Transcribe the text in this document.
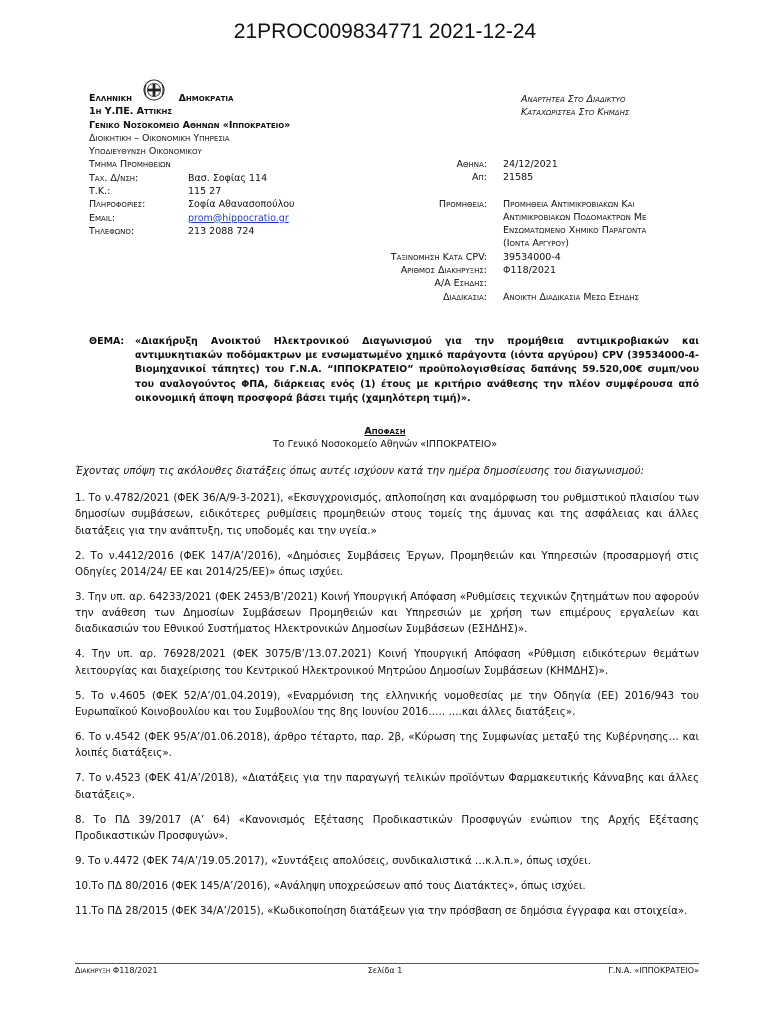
21PROC009834771 2021-12-24
Ελληνικη	Δημοκρατια
1η Υ.ΠΕ. Αττικης
Γενικο Νοσοκομειο Αθηνων «Ιπποκρατειο»
Διοικητικη – Οικονομικη Υπηρεσια
Υποδιευθυνση Οικονομικου
Τμημα Προμηθειων
Ταχ. Δ/νση:	Βασ. Σοφίας 114
Τ.Κ.:	115 27
Πληροφοριες:	Σοφία Αθανασοπούλου
Email:	prom@hippocratio.gr
Τηλεφωνο:	213 2088 724
Αναρτητεα Στο Διαδικτυο
Καταχωριστεα Στο Κημδης
Αθηνα:	24/12/2021
Απ:	21585
Προμηθεια:	Προμηθεια Αντιμικροβιακων Και
Αντιμικροβιακων Ποδομακτρων Με
Ενσωματωμενο Χημικο Παραγοντα
(Ιοντα Αργυρου)
Ταξινομηση Κατα CPV:	39534000-4
Αριθμος Διακηρυξης:	Φ118/2021
Α/Α Εσηδης:
Διαδικασια:	Ανοικτη Διαδικασια Μεσω Εσηδης
ΘΕΜΑ:	«Διακήρυξη Ανοικτού Ηλεκτρονικού Διαγωνισμού για την προμήθεια αντιμικροβιακών και αντιμυκητιακών ποδόμακτρων με ενσωματωμένο χημικό παράγοντα (ιόντα αργύρου) CPV (39534000-4- Βιομηχανικοί τάπητες) του Γ.Ν.Α. “ΙΠΠΟΚΡΑΤΕΙΟ” προϋπολογισθείσας δαπάνης 59.520,00€ συμπ/νου του αναλογούντος ΦΠΑ, διάρκειας ενός (1) έτους με κριτήριο ανάθεσης την πλέον συμφέρουσα από οικονομική άποψη προσφορά βάσει τιμής (χαμηλότερη τιμή)».
Αποφαση
Το Γενικό Νοσοκομείο Αθηνών «ΙΠΠΟΚΡΑΤΕΙΟ»
Έχοντας υπόψη τις ακόλουθες διατάξεις όπως αυτές ισχύουν κατά την ημέρα δημοσίευσης του διαγωνισμού:

1. Το ν.4782/2021 (ΦΕΚ 36/Α/9-3-2021), «Εκσυγχρονισμός, απλοποίηση και αναμόρφωση του ρυθμιστικού πλαισίου των δημοσίων συμβάσεων, ειδικότερες ρυθμίσεις προμηθειών στους τομείς της άμυνας και της ασφάλειας και άλλες διατάξεις για την ανάπτυξη, τις υποδομές και την υγεία.»

2. Το ν.4412/2016 (ΦΕΚ 147/Α’/2016), «Δημόσιες Συμβάσεις Έργων, Προμηθειών και Υπηρεσιών (προσαρμογή στις Οδηγίες 2014/24/ ΕΕ και 2014/25/ΕΕ)» όπως ισχύει.

3. Την υπ. αρ. 64233/2021 (ΦΕΚ 2453/Β’/2021) Κοινή Υπουργική Απόφαση «Ρυθμίσεις τεχνικών ζητημάτων που αφορούν την ανάθεση των Δημοσίων Συμβάσεων Προμηθειών και Υπηρεσιών με χρήση των επιμέρους εργαλείων και διαδικασιών του Εθνικού Συστήματος Ηλεκτρονικών Δημοσίων Συμβάσεων (ΕΣΗΔΗΣ)».

4. Την υπ. αρ. 76928/2021 (ΦΕΚ 3075/Β’/13.07.2021) Κοινή Υπουργική Απόφαση «Ρύθμιση ειδικότερων θεμάτων λειτουργίας και διαχείρισης του Κεντρικού Ηλεκτρονικού Μητρώου Δημοσίων Συμβάσεων (ΚΗΜΔΗΣ)».

5. Το ν.4605 (ΦΕΚ 52/Α’/01.04.2019), «Εναρμόνιση της ελληνικής νομοθεσίας με την Οδηγία (ΕΕ) 2016/943 του Ευρωπαϊκού Κοινοβουλίου και του Συμβουλίου της 8ης Ιουνίου 2016….. ….και άλλες διατάξεις».

6. Το ν.4542 (ΦΕΚ 95/Α’/01.06.2018), άρθρο τέταρτο, παρ. 2β, «Κύρωση της Συμφωνίας μεταξύ της Κυβέρνησης… και λοιπές διατάξεις».

7. Το ν.4523 (ΦΕΚ 41/Α’/2018), «Διατάξεις για την παραγωγή τελικών προϊόντων Φαρμακευτικής Κάνναβης και άλλες διατάξεις».

8. Το ΠΔ 39/2017 (Α’ 64) «Κανονισμός Εξέτασης Προδικαστικών Προσφυγών ενώπιον της Αρχής Εξέτασης Προδικαστικών Προσφυγών».

9. Το ν.4472 (ΦΕΚ 74/Α’/19.05.2017), «Συντάξεις απολύσεις, συνδικαλιστικά …κ.λ.π.», όπως ισχύει.

10.Το ΠΔ 80/2016 (ΦΕΚ 145/Α’/2016), «Ανάληψη υποχρεώσεων από τους Διατάκτες», όπως ισχύει.

11.Το ΠΔ 28/2015 (ΦΕΚ 34/Α’/2015), «Κωδικοποίηση διατάξεων για την πρόσβαση σε δημόσια έγγραφα και στοιχεία».

Διακηρυξη Φ118/2021	Σελίδα 1	Γ.Ν.Α. «ΙΠΠΟΚΡΑΤΕΙΟ»
